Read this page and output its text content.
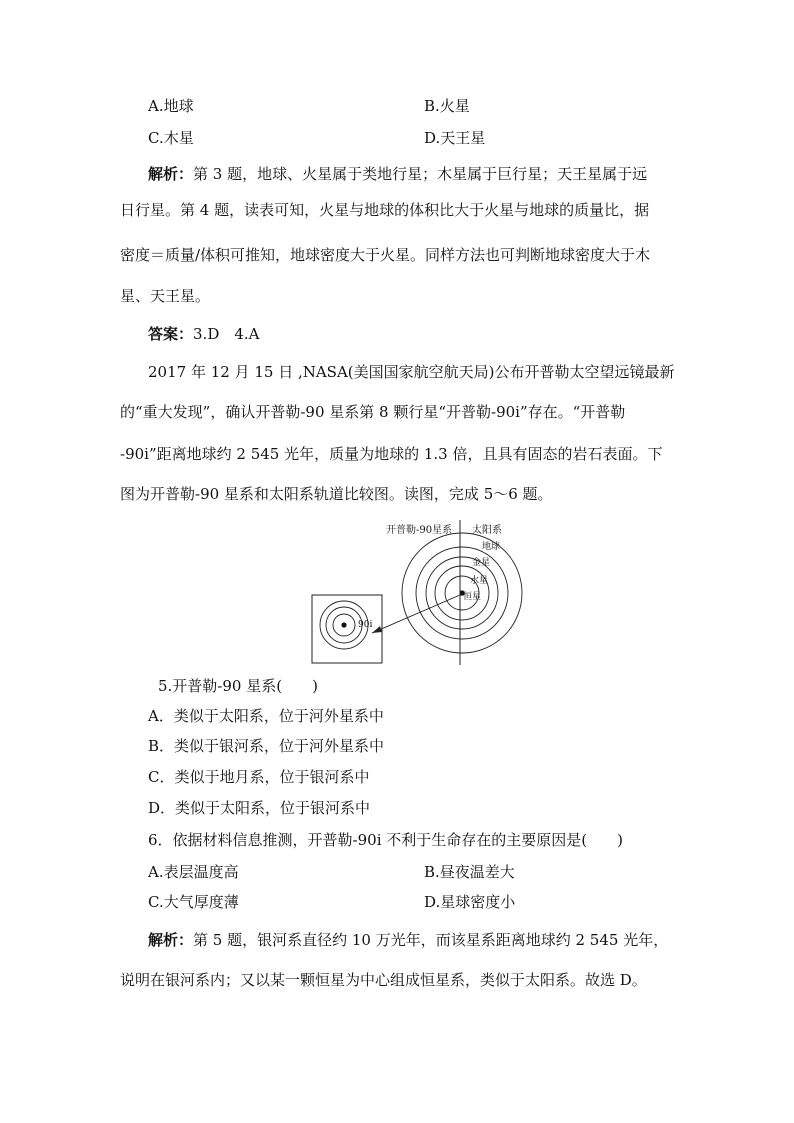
A.地球	B.火星
C.木星	D.天王星
解析：第 3 题，地球、火星属于类地行星；木星属于巨行星；天王星属于远
日行星。第 4 题，读表可知，火星与地球的体积比大于火星与地球的质量比，据
密度＝质量/体积可推知，地球密度大于火星。同样方法也可判断地球密度大于木
星、天王星。
答案：3.D　4.A
2017 年 12 月 15 日 ,NASA(美国国家航空航天局)公布开普勒太空望远镜最新
的“重大发现”，确认开普勒-90 星系第 8 颗行星“开普勒-90i”存在。“开普勒
-90i”距离地球约 2 545 光年，质量为地球的 1.3 倍，且具有固态的岩石表面。下
图为开普勒-90 星系和太阳系轨道比较图。读图，完成 5～6 题。
90i
开普勒-90星系 太阳系
地球
金星
水星
恒星
5.开普勒-90 星系(　　)
A．类似于太阳系，位于河外星系中
B．类似于银河系，位于河外星系中
C．类似于地月系，位于银河系中
D．类似于太阳系，位于银河系中
6．依据材料信息推测，开普勒-90i 不利于生命存在的主要原因是(　　)
A.表层温度高	B.昼夜温差大
C.大气厚度薄	D.星球密度小
解析：第 5 题，银河系直径约 10 万光年，而该星系距离地球约 2 545 光年，
说明在银河系内；又以某一颗恒星为中心组成恒星系，类似于太阳系。故选 D。
